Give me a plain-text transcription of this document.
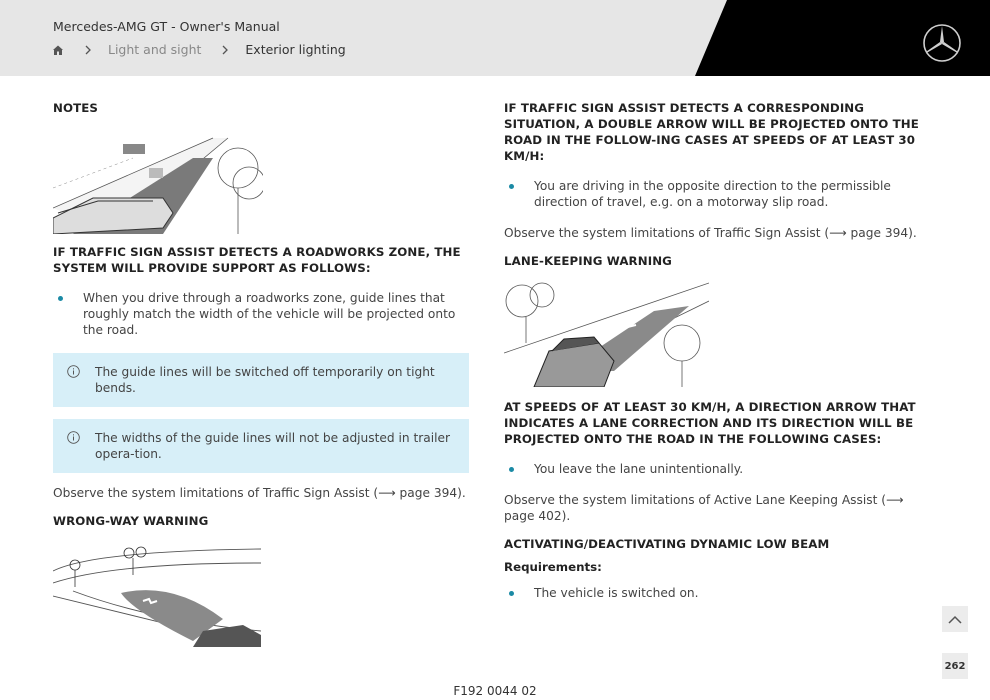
Mercedes-AMG GT - Owner's Manual
Light and sight	Exterior lighting
NOTES
IF TRAFFIC SIGN ASSIST DETECTS A ROADWORKS ZONE, THE SYSTEM WILL PROVIDE SUPPORT AS FOLLOWS:
When you drive through a roadworks zone, guide lines that roughly match the width of the vehicle will be projected onto the road.
The guide lines will be switched off temporarily on tight bends.
The widths of the guide lines will not be adjusted in trailer opera-tion.
Observe the system limitations of Traffic Sign Assist (⟶ page 394).
WRONG-WAY WARNING
IF TRAFFIC SIGN ASSIST DETECTS A CORRESPONDING SITUATION, A DOUBLE ARROW WILL BE PROJECTED ONTO THE ROAD IN THE FOLLOW-ING CASES AT SPEEDS OF AT LEAST 30 KM/H:
You are driving in the opposite direction to the permissible direction of travel, e.g. on a motorway slip road.
Observe the system limitations of Traffic Sign Assist (⟶ page 394).
LANE-KEEPING WARNING
AT SPEEDS OF AT LEAST 30 KM/H, A DIRECTION ARROW THAT INDICATES A LANE CORRECTION AND ITS DIRECTION WILL BE PROJECTED ONTO THE ROAD IN THE FOLLOWING CASES:
You leave the lane unintentionally.
Observe the system limitations of Active Lane Keeping Assist (⟶ page 402).
ACTIVATING/DEACTIVATING DYNAMIC LOW BEAM
Requirements:
The vehicle is switched on.
262
F192 0044 02
